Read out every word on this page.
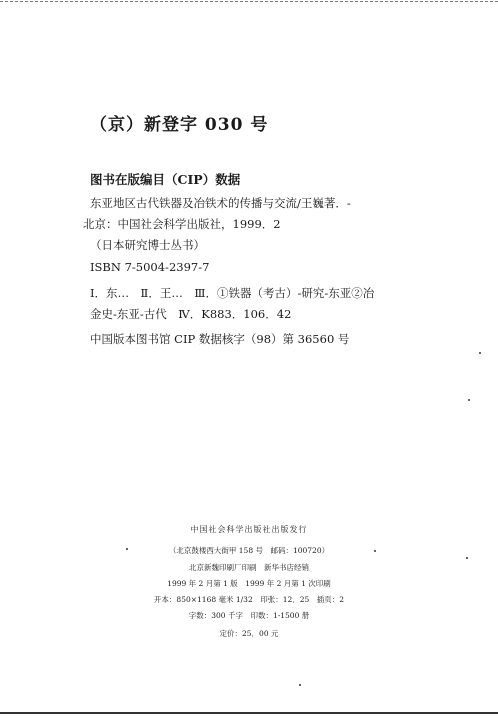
（京）新登字 030 号
图书在版编目（CIP）数据
东亚地区古代铁器及冶铁术的传播与交流/王巍著．-
北京：中国社会科学出版社，1999．2
（日本研究博士丛书）
ISBN 7-5004-2397-7
Ⅰ．东…　Ⅱ．王…　Ⅲ．①铁器（考古）-研究-东亚②冶
金史-东亚-古代　Ⅳ．K883．106．42
中国版本图书馆 CIP 数据核字（98）第 36560 号
中国社会科学出版社出版发行
（北京鼓楼西大街甲 158 号　邮码：100720）
北京新魏印刷厂印刷　新华书店经销
1999 年 2 月第 1 版　1999 年 2 月第 1 次印刷
开本：850×1168 毫米 1/32　印张：12．25　插页：2
字数：300 千字　印数：1-1500 册
定价：25．00 元
